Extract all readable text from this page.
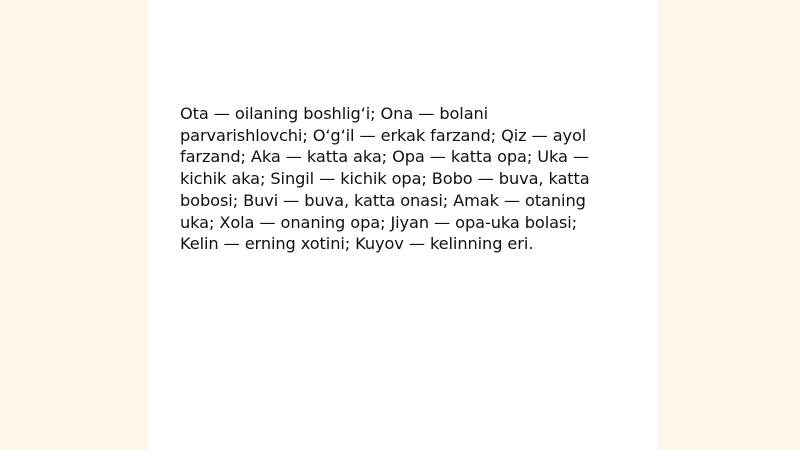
Ota — oilaning boshlig‘i; Ona — bolani parvarishlovchi; O‘g‘il — erkak farzand; Qiz — ayol farzand; Aka — katta aka; Opa — katta opa; Uka — kichik aka; Singil — kichik opa; Bobo — buva, katta bobosi; Buvi — buva, katta onasi; Amak — otaning uka; Xola — onaning opa; Jiyan — opa-uka bolasi; Kelin — erning xotini; Kuyov — kelinning eri.
